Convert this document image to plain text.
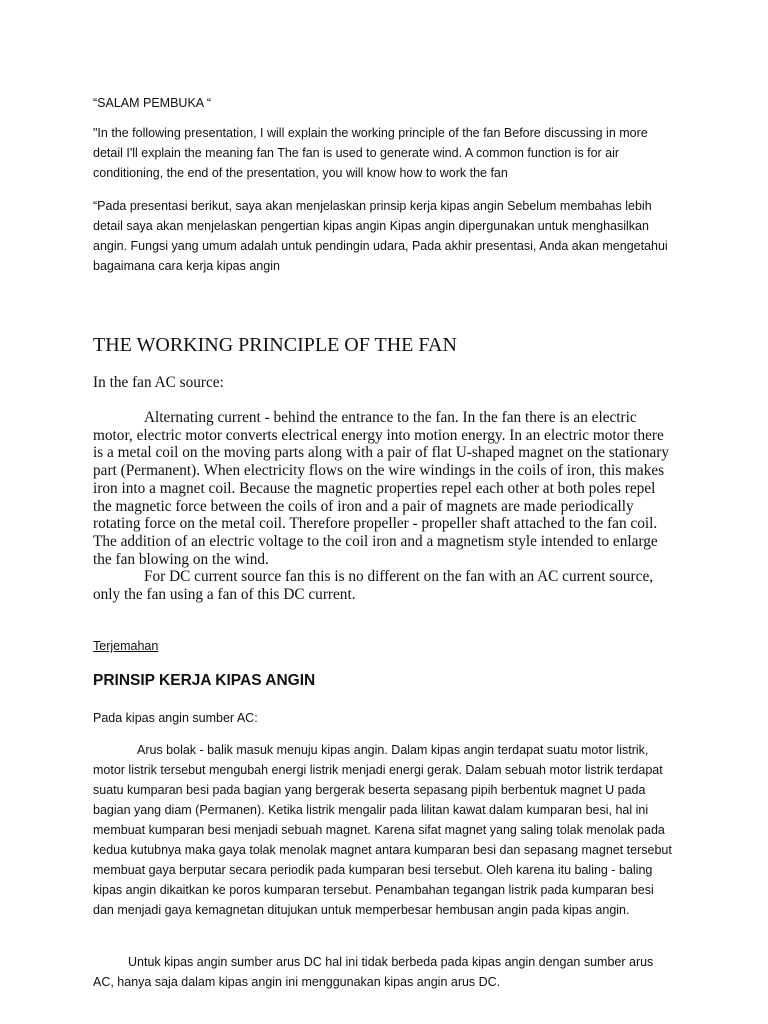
“SALAM PEMBUKA “

"In the following presentation, I will explain the working principle of the fan Before discussing in more detail I'll explain the meaning fan The fan is used to generate wind. A common function is for air conditioning, the end of the presentation, you will know how to work the fan

“Pada presentasi berikut, saya akan menjelaskan prinsip kerja kipas angin Sebelum membahas lebih detail saya akan menjelaskan pengertian kipas angin Kipas angin dipergunakan untuk menghasilkan angin. Fungsi yang umum adalah untuk pendingin udara, Pada akhir presentasi, Anda akan mengetahui bagaimana cara kerja kipas angin

THE WORKING PRINCIPLE OF THE FAN

In the fan AC source:

Alternating current - behind the entrance to the fan. In the fan there is an electric motor, electric motor converts electrical energy into motion energy. In an electric motor there is a metal coil on the moving parts along with a pair of flat U-shaped magnet on the stationary part (Permanent). When electricity flows on the wire windings in the coils of iron, this makes iron into a magnet coil. Because the magnetic properties repel each other at both poles repel the magnetic force between the coils of iron and a pair of magnets are made periodically rotating force on the metal coil. Therefore propeller - propeller shaft attached to the fan coil. The addition of an electric voltage to the coil iron and a magnetism style intended to enlarge the fan blowing on the wind.

For DC current source fan this is no different on the fan with an AC current source, only the fan using a fan of this DC current.

Terjemahan

PRINSIP KERJA KIPAS ANGIN

Pada kipas angin sumber AC:

Arus bolak - balik masuk menuju kipas angin. Dalam kipas angin terdapat suatu motor listrik, motor listrik tersebut mengubah energi listrik menjadi energi gerak. Dalam sebuah motor listrik terdapat suatu kumparan besi pada bagian yang bergerak beserta sepasang pipih berbentuk magnet U pada bagian yang diam (Permanen). Ketika listrik mengalir pada lilitan kawat dalam kumparan besi, hal ini membuat kumparan besi menjadi sebuah magnet. Karena sifat magnet yang saling tolak menolak pada kedua kutubnya maka gaya tolak menolak magnet antara kumparan besi dan sepasang magnet tersebut membuat gaya berputar secara periodik pada kumparan besi tersebut. Oleh karena itu baling - baling kipas angin dikaitkan ke poros kumparan tersebut. Penambahan tegangan listrik pada kumparan besi dan menjadi gaya kemagnetan ditujukan untuk memperbesar hembusan angin pada kipas angin.

Untuk kipas angin sumber arus DC hal ini tidak berbeda pada kipas angin dengan sumber arus AC, hanya saja dalam kipas angin ini menggunakan kipas angin arus DC.
